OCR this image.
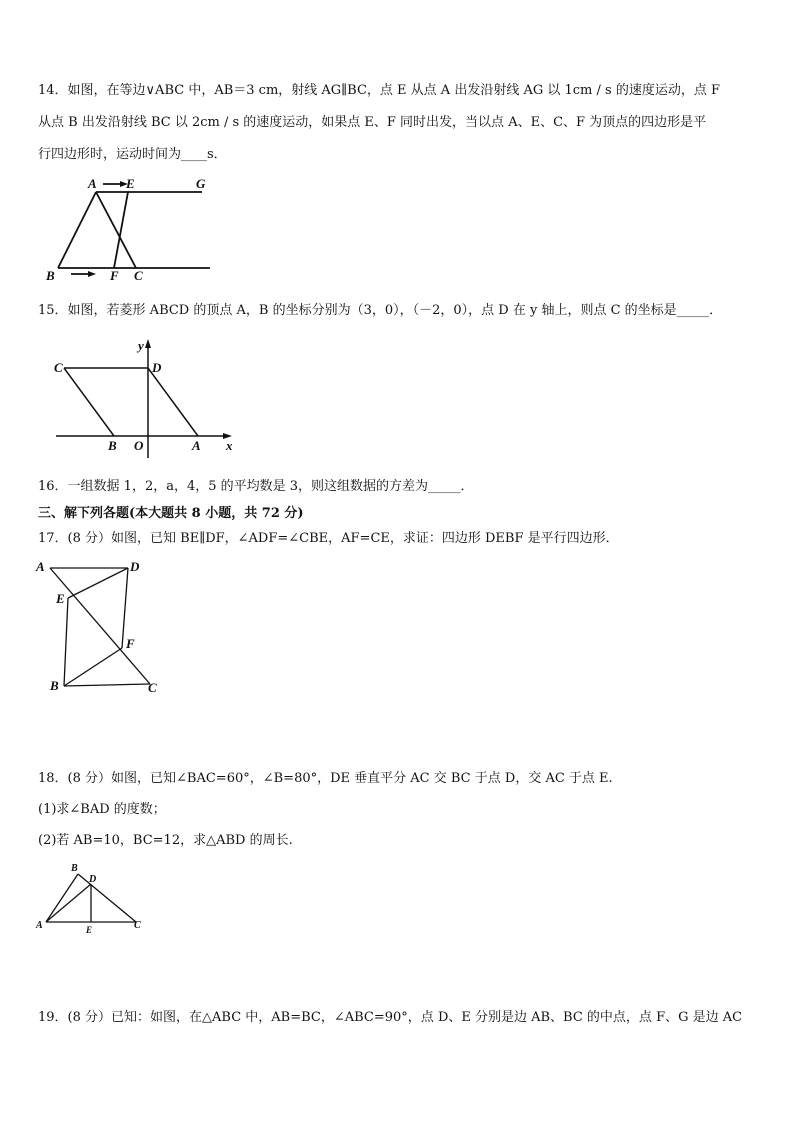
14．如图，在等边∨ABC 中，AB＝3 cm，射线 AG∥BC，点 E 从点 A 出发沿射线 AG 以 1cm / s 的速度运动，点 F
从点 B 出发沿射线 BC 以 2cm / s 的速度运动，如果点 E、F 同时出发，当以点 A、E、C、F 为顶点的四边形是平
行四边形时，运动时间为____s．
A E	G
B	F C
15．如图，若菱形 ABCD 的顶点 A，B 的坐标分别为（3，0），（－2，0），点 D 在 y 轴上，则点 C 的坐标是_____．
C	D
y
B O	A x
16．一组数据 1，2，a，4，5 的平均数是 3，则这组数据的方差为_____．
三、解下列各题(本大题共 8 小题，共 72 分)
17．(8 分）如图，已知 BE∥DF，∠ADF=∠CBE，AF=CE，求证：四边形 DEBF 是平行四边形．
A	D
E
F
B	C
18．(8 分）如图，已知∠BAC=60°，∠B=80°，DE 垂直平分 AC 交 BC 于点 D，交 AC 于点 E.
(1)求∠BAD 的度数；
(2)若 AB=10，BC=12，求△ABD 的周长.
A
B
C
D
E
19．(8 分）已知：如图，在△ABC 中，AB=BC，∠ABC=90°，点 D、E 分别是边 AB、BC 的中点，点 F、G 是边 AC
